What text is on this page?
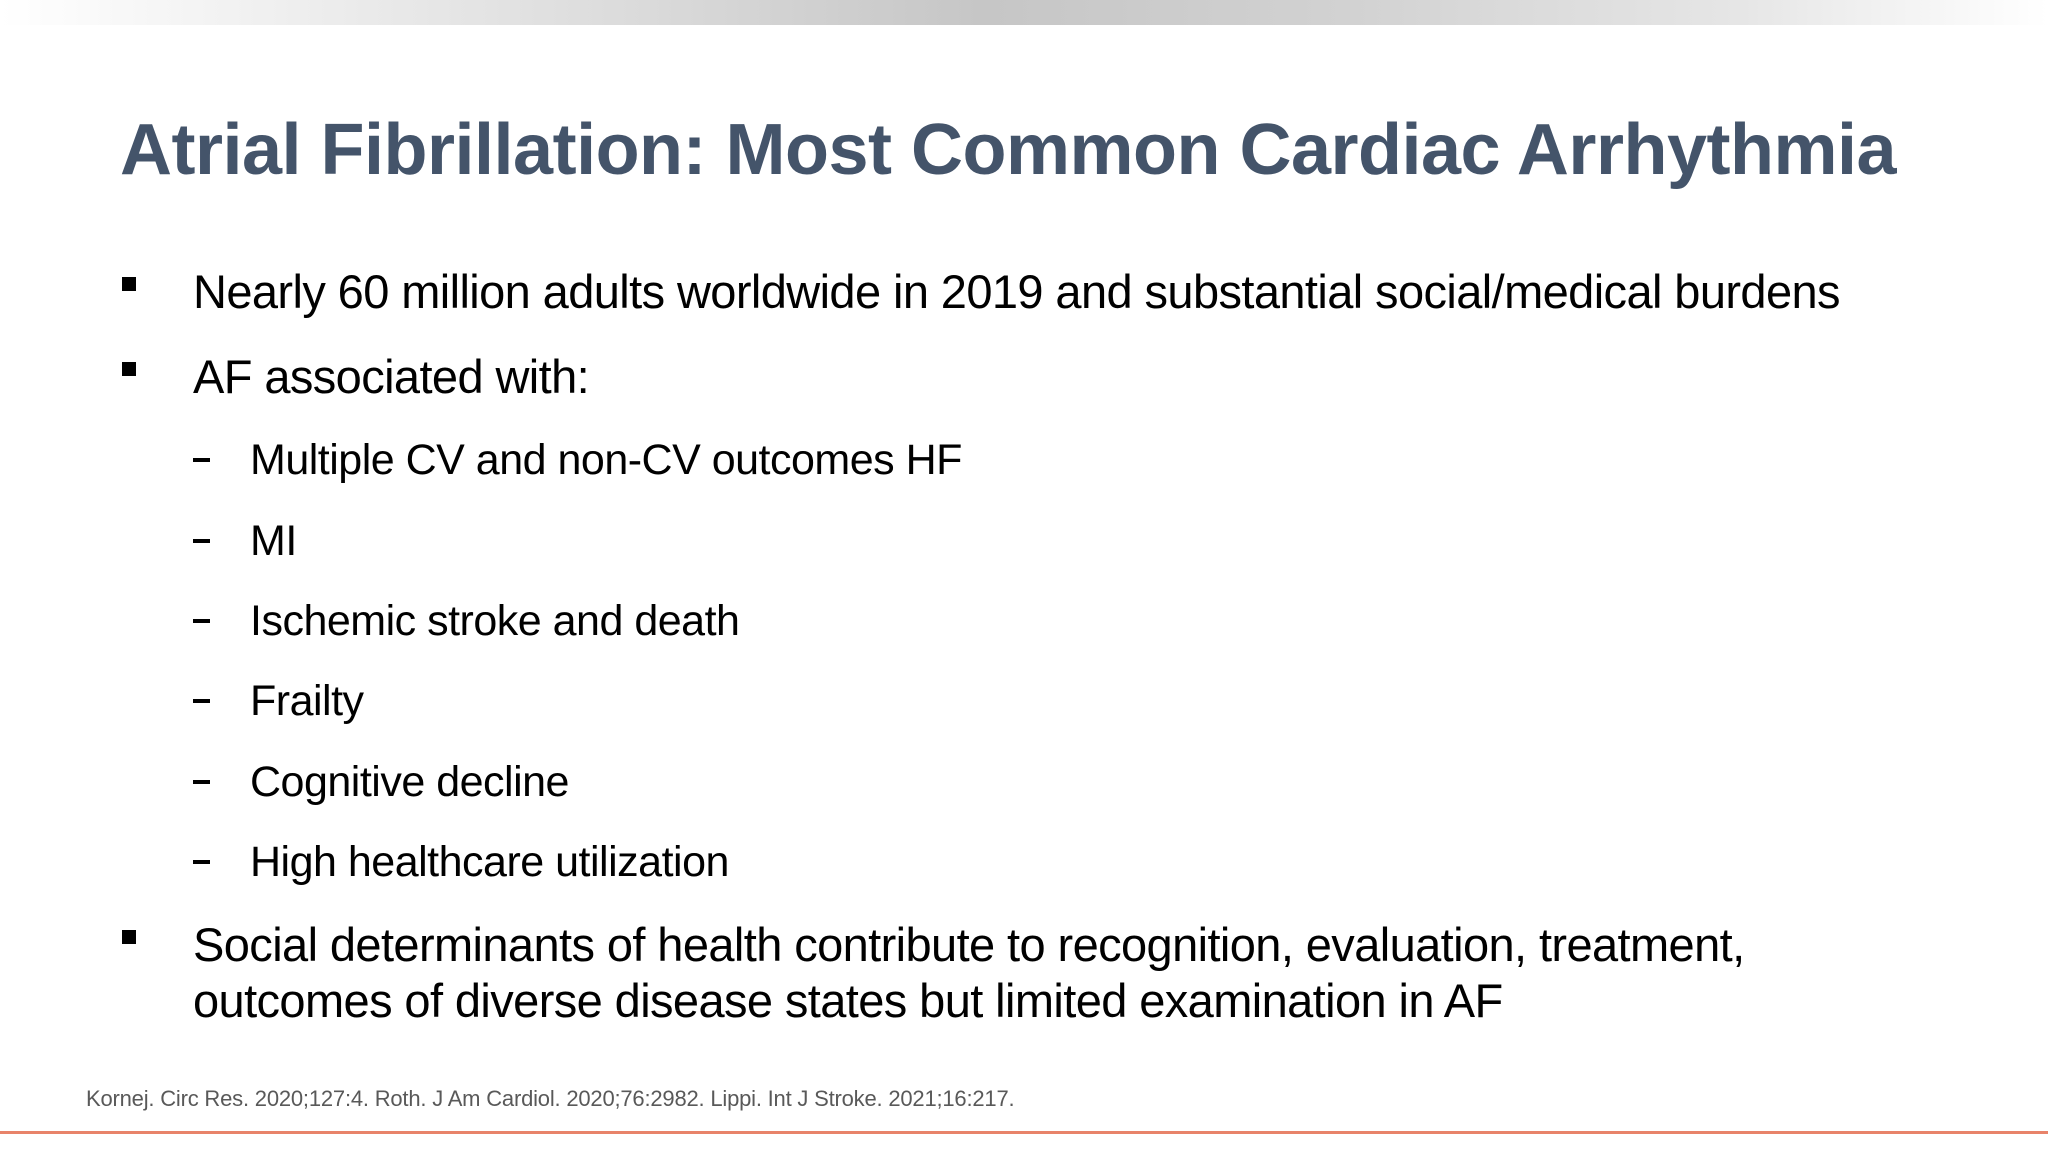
Atrial Fibrillation: Most Common Cardiac Arrhythmia
Nearly 60 million adults worldwide in 2019 and substantial social/medical burdens
AF associated with:
Multiple CV and non-CV outcomes HF
MI
Ischemic stroke and death
Frailty
Cognitive decline
High healthcare utilization
Social determinants of health contribute to recognition, evaluation, treatment,
outcomes of diverse disease states but limited examination in AF
Kornej. Circ Res. 2020;127:4. Roth. J Am Cardiol. 2020;76:2982. Lippi. Int J Stroke. 2021;16:217.
